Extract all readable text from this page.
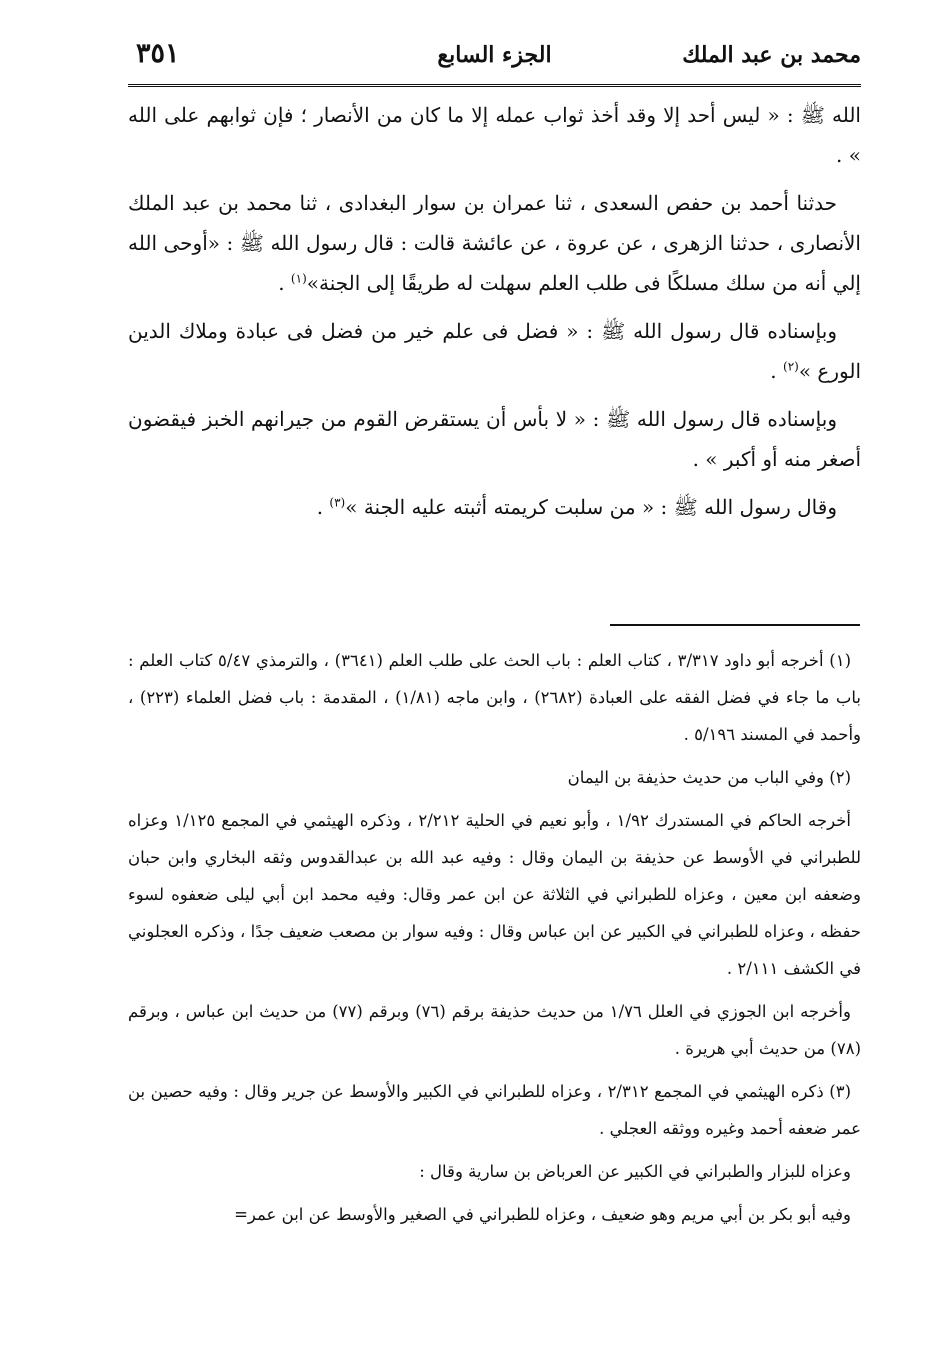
محمد بن عبد الملك
الجزء السابع
٣٥١

الله ﷺ : « ليس أحد إلا وقد أخذ ثواب عمله إلا ما كان من الأنصار ؛ فإن ثوابهم على الله » .

حدثنا أحمد بن حفص السعدى ، ثنا عمران بن سوار البغدادى ، ثنا محمد بن عبد الملك الأنصارى ، حدثنا الزهرى ، عن عروة ، عن عائشة قالت : قال رسول الله ﷺ : «أوحى الله إلي أنه من سلك مسلكًا فى طلب العلم سهلت له طريقًا إلى الجنة»$^{(١)}$ .

وبإسناده قال رسول الله ﷺ : « فضل فى علم خير من فضل فى عبادة وملاك الدين الورع »$^{(٢)}$ .

وبإسناده قال رسول الله ﷺ : « لا بأس أن يستقرض القوم من جيرانهم الخبز فيقضون أصغر منه أو أكبر » .

وقال رسول الله ﷺ : « من سلبت كريمته أثبته عليه الجنة »$^{(٣)}$ .

(١) أخرجه أبو داود ٣/٣١٧ ، كتاب العلم : باب الحث على طلب العلم (٣٦٤١) ، والترمذي ٥/٤٧ كتاب العلم : باب ما جاء في فضل الفقه على العبادة (٢٦٨٢) ، وابن ماجه (١/٨١) ، المقدمة : باب فضل العلماء (٢٢٣) ، وأحمد في المسند ٥/١٩٦ .

(٢) وفي الباب من حديث حذيفة بن اليمان

أخرجه الحاكم في المستدرك ١/٩٢ ، وأبو نعيم في الحلية ٢/٢١٢ ، وذكره الهيثمي في المجمع ١/١٢٥ وعزاه للطبراني في الأوسط عن حذيفة بن اليمان وقال : وفيه عبد الله بن عبدالقدوس وثقه البخاري وابن حبان وضعفه ابن معين ، وعزاه للطبراني في الثلاثة عن ابن عمر وقال: وفيه محمد ابن أبي ليلى ضعفوه لسوء حفظه ، وعزاه للطبراني في الكبير عن ابن عباس وقال : وفيه سوار بن مصعب ضعيف جدًا ، وذكره العجلوني في الكشف ٢/١١١ .

وأخرجه ابن الجوزي في العلل ١/٧٦ من حديث حذيفة برقم (٧٦) وبرقم (٧٧) من حديث ابن عباس ، وبرقم (٧٨) من حديث أبي هريرة .

(٣) ذكره الهيثمي في المجمع ٢/٣١٢ ، وعزاه للطبراني في الكبير والأوسط عن جرير وقال : وفيه حصين بن عمر ضعفه أحمد وغيره ووثقه العجلي .

وعزاه للبزار والطبراني في الكبير عن العرباض بن سارية وقال :

وفيه أبو بكر بن أبي مريم وهو ضعيف ، وعزاه للطبراني في الصغير والأوسط عن ابن عمر=
